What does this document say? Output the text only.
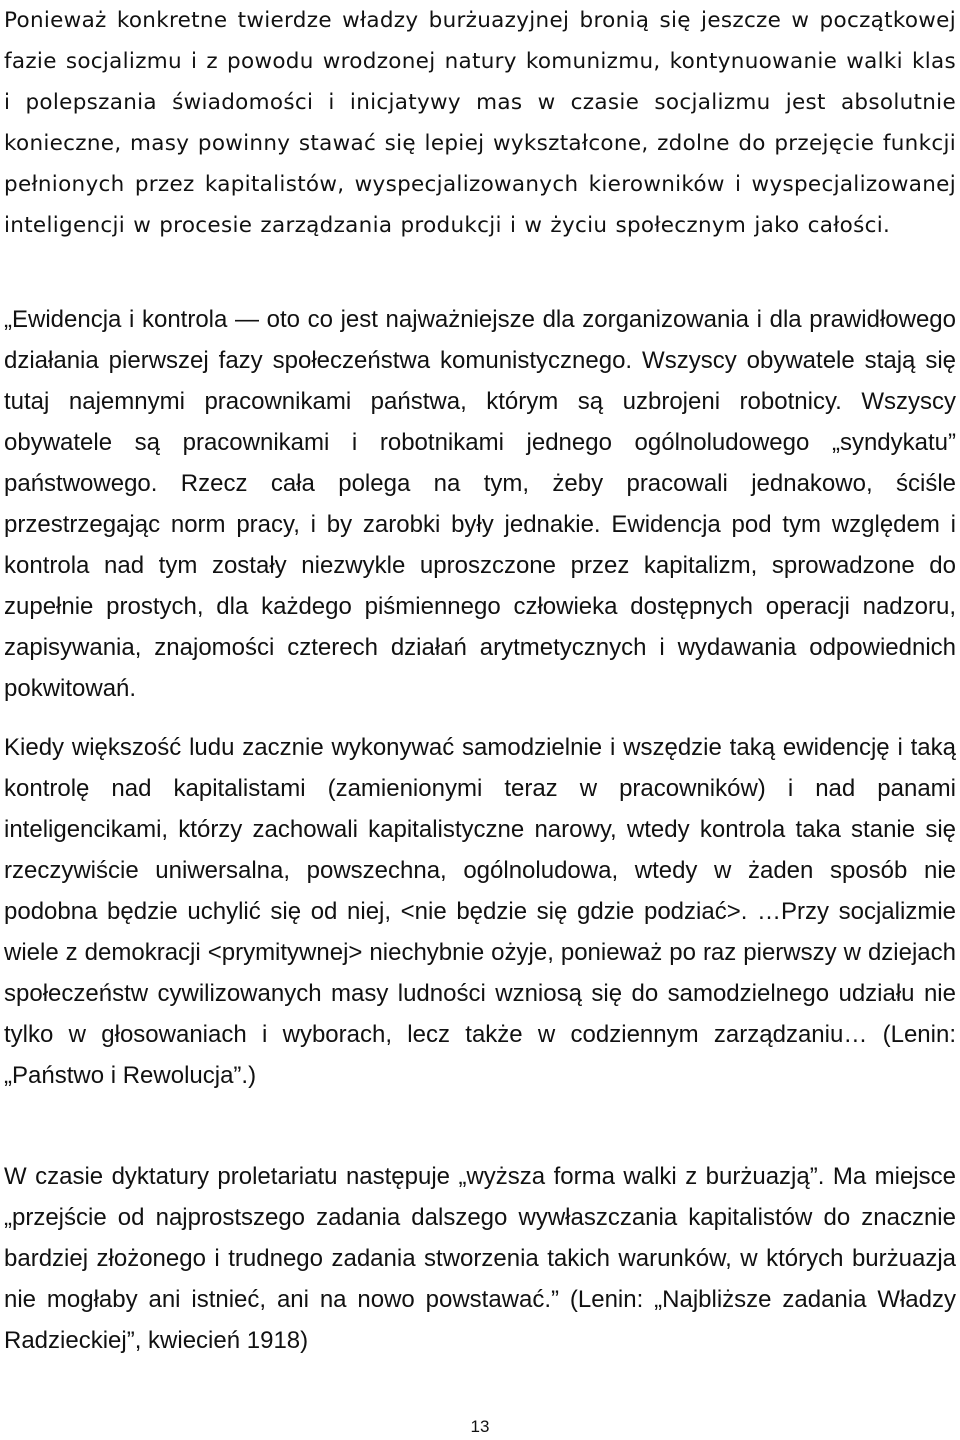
Ponieważ konkretne twierdze władzy burżuazyjnej bronią się jeszcze w początkowej fazie socjalizmu i z powodu wrodzonej natury komunizmu, kontynuowanie walki klas i polepszania świadomości i inicjatywy mas w czasie socjalizmu jest absolutnie konieczne, masy powinny stawać się lepiej wykształcone, zdolne do przejęcie funkcji pełnionych przez kapitalistów, wyspecjalizowanych kierowników i wyspecjalizowanej inteligencji w procesie zarządzania produkcji i w życiu społecznym jako całości.

„Ewidencja i kontrola — oto co jest najważniejsze dla zorganizowania i dla prawidłowego działania pierwszej fazy społeczeństwa komunistycznego. Wszyscy obywatele stają się tutaj najemnymi pracownikami państwa, którym są uzbrojeni robotnicy. Wszyscy obywatele są pracownikami i robotnikami jednego ogólnoludowego „syndykatu” państwowego. Rzecz cała polega na tym, żeby pracowali jednakowo, ściśle przestrzegając norm pracy, i by zarobki były jednakie. Ewidencja pod tym względem i kontrola nad tym zostały niezwykle uproszczone przez kapitalizm, sprowadzone do zupełnie prostych, dla każdego piśmiennego człowieka dostępnych operacji nadzoru, zapisywania, znajomości czterech działań arytmetycznych i wydawania odpowiednich pokwitowań.

Kiedy większość ludu zacznie wykonywać samodzielnie i wszędzie taką ewidencję i taką kontrolę nad kapitalistami (zamienionymi teraz w pracowników) i nad panami inteligencikami, którzy zachowali kapitalistyczne narowy, wtedy kontrola taka stanie się rzeczywiście uniwersalna, powszechna, ogólnoludowa, wtedy w żaden sposób nie podobna będzie uchylić się od niej, <nie będzie się gdzie podziać>. …Przy socjalizmie wiele z demokracji <prymitywnej> niechybnie ożyje, ponieważ po raz pierwszy w dziejach społeczeństw cywilizowanych masy ludności wzniosą się do samodzielnego udziału nie tylko w głosowaniach i wyborach, lecz także w codziennym zarządzaniu… (Lenin: „Państwo i Rewolucja”.)

W czasie dyktatury proletariatu następuje „wyższa forma walki z burżuazją”. Ma miejsce „przejście od najprostszego zadania dalszego wywłaszczania kapitalistów do znacznie bardziej złożonego i trudnego zadania stworzenia takich warunków, w których burżuazja nie mogłaby ani istnieć, ani na nowo powstawać.” (Lenin: „Najbliższe zadania Władzy Radzieckiej”, kwiecień 1918)

13
